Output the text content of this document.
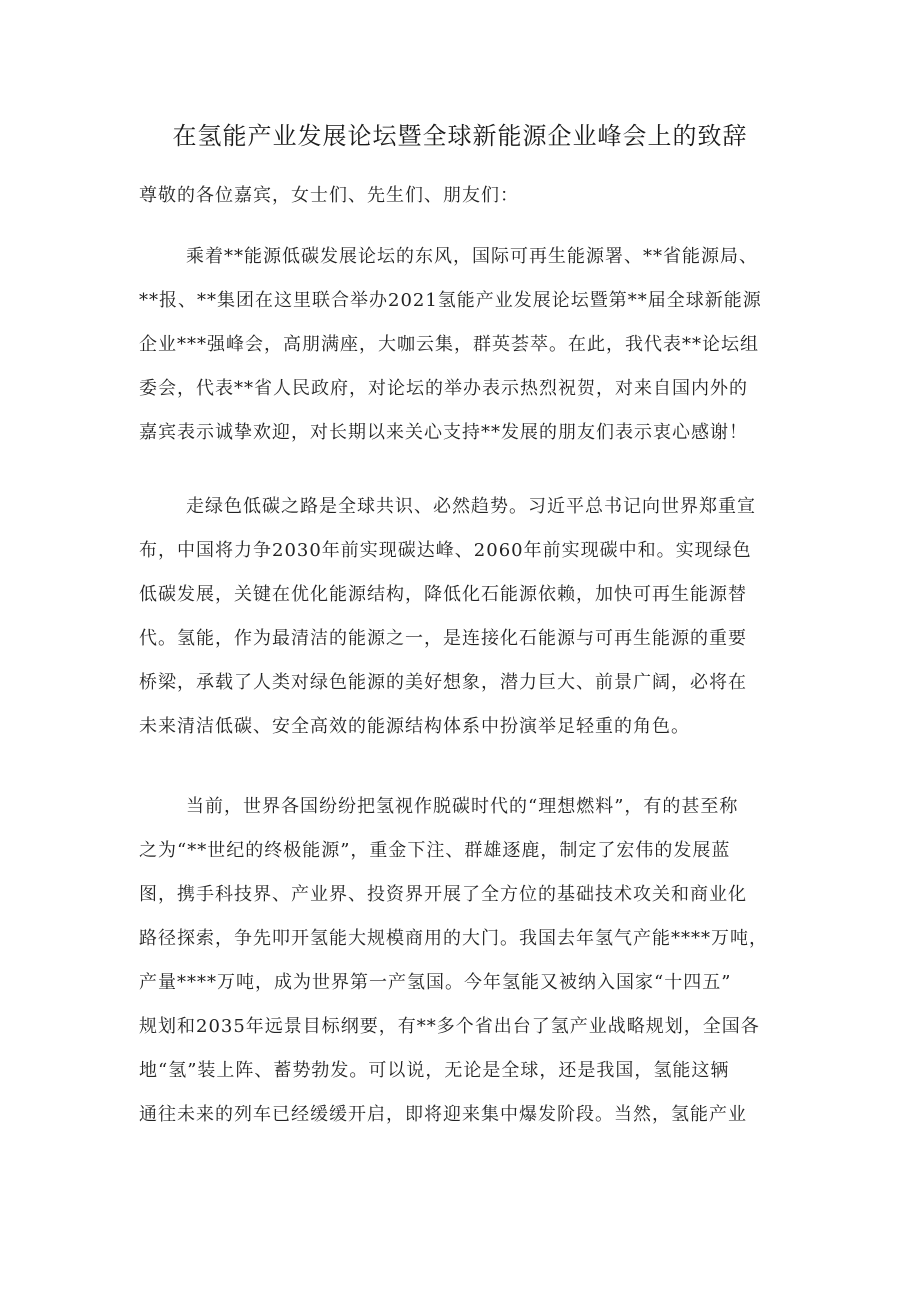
在氢能产业发展论坛暨全球新能源企业峰会上的致辞
尊敬的各位嘉宾，女士们、先生们、朋友们：
乘着**能源低碳发展论坛的东风，国际可再生能源署、**省能源局、
**报、**集团在这里联合举办2021氢能产业发展论坛暨第**届全球新能源
企业***强峰会，高朋满座，大咖云集，群英荟萃。在此，我代表**论坛组
委会，代表**省人民政府，对论坛的举办表示热烈祝贺，对来自国内外的
嘉宾表示诚挚欢迎，对长期以来关心支持**发展的朋友们表示衷心感谢！
走绿色低碳之路是全球共识、必然趋势。习近平总书记向世界郑重宣
布，中国将力争2030年前实现碳达峰、2060年前实现碳中和。实现绿色
低碳发展，关键在优化能源结构，降低化石能源依赖，加快可再生能源替
代。氢能，作为最清洁的能源之一，是连接化石能源与可再生能源的重要
桥梁，承载了人类对绿色能源的美好想象，潜力巨大、前景广阔，必将在
未来清洁低碳、安全高效的能源结构体系中扮演举足轻重的角色。
当前，世界各国纷纷把氢视作脱碳时代的“理想燃料”，有的甚至称
之为“**世纪的终极能源”，重金下注、群雄逐鹿，制定了宏伟的发展蓝
图，携手科技界、产业界、投资界开展了全方位的基础技术攻关和商业化
路径探索，争先叩开氢能大规模商用的大门。我国去年氢气产能****万吨，
产量****万吨，成为世界第一产氢国。今年氢能又被纳入国家“十四五”
规划和2035年远景目标纲要，有**多个省出台了氢产业战略规划，全国各
地“氢”装上阵、蓄势勃发。可以说，无论是全球，还是我国，氢能这辆
通往未来的列车已经缓缓开启，即将迎来集中爆发阶段。当然，氢能产业
